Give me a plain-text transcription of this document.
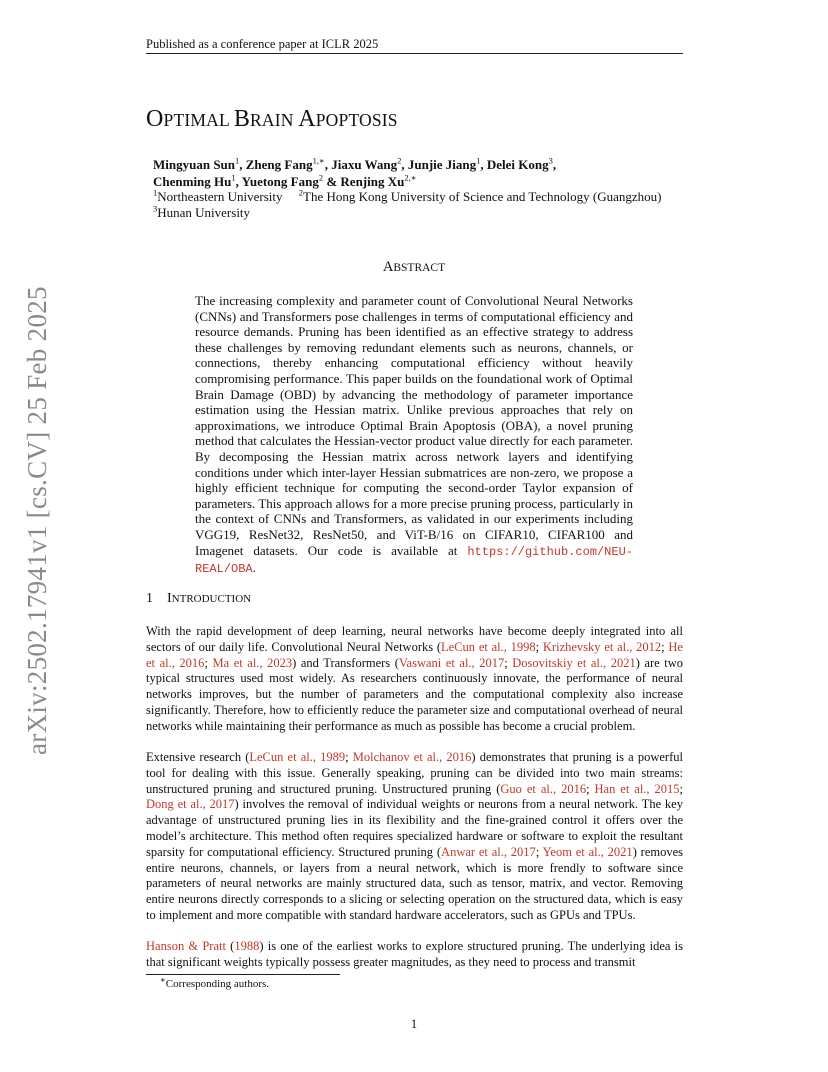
Published as a conference paper at ICLR 2025
arXiv:2502.17941v1 [cs.CV] 25 Feb 2025
OPTIMAL BRAIN APOPTOSIS
Mingyuan Sun$^1$, Zheng Fang$^{1,∗}$, Jiaxu Wang$^2$, Junjie Jiang$^1$, Delei Kong$^3$,
Chenming Hu$^1$, Yuetong Fang$^2$ & Renjing $Xu^{2,∗}$
$^1$Northeastern University $^2$The Hong Kong University of Science and Technology (Guangzhou)
$^3$Hunan University
ABSTRACT
The increasing complexity and parameter count of Convolutional Neural Networks (CNNs) and Transformers pose challenges in terms of computational efficiency and resource demands. Pruning has been identified as an effective strategy to address these challenges by removing redundant elements such as neurons, channels, or connections, thereby enhancing computational efficiency without heavily compromising performance. This paper builds on the foundational work of Optimal Brain Damage (OBD) by advancing the methodology of parameter importance estimation using the Hessian matrix. Unlike previous approaches that rely on approximations, we introduce Optimal Brain Apoptosis (OBA), a novel pruning method that calculates the Hessian-vector product value directly for each parameter. By decomposing the Hessian matrix across network layers and identifying conditions under which inter-layer Hessian submatrices are non-zero, we propose a highly efficient technique for computing the second-order Taylor expansion of parameters. This approach allows for a more precise pruning process, particularly in the context of CNNs and Transformers, as validated in our experiments including VGG19, ResNet32, ResNet50, and ViT-B/16 on CIFAR10, CIFAR100 and Imagenet datasets. Our code is available at https://github.com/NEU-REAL/OBA.
1 INTRODUCTION
With the rapid development of deep learning, neural networks have become deeply integrated into all sectors of our daily life. Convolutional Neural Networks (LeCun et al., 1998; Krizhevsky et al., 2012; He et al., 2016; Ma et al., 2023) and Transformers (Vaswani et al., 2017; Dosovitskiy et al., 2021) are two typical structures used most widely. As researchers continuously innovate, the performance of neural networks improves, but the number of parameters and the computational complexity also increase significantly. Therefore, how to efficiently reduce the parameter size and computational overhead of neural networks while maintaining their performance as much as possible has become a crucial problem.
Extensive research (LeCun et al., 1989; Molchanov et al., 2016) demonstrates that pruning is a powerful tool for dealing with this issue. Generally speaking, pruning can be divided into two main streams: unstructured pruning and structured pruning. Unstructured pruning (Guo et al., 2016; Han et al., 2015; Dong et al., 2017) involves the removal of individual weights or neurons from a neural network. The key advantage of unstructured pruning lies in its flexibility and the fine-grained control it offers over the model’s architecture. This method often requires specialized hardware or software to exploit the resultant sparsity for computational efficiency. Structured pruning (Anwar et al., 2017; Yeom et al., 2021) removes entire neurons, channels, or layers from a neural network, which is more frendly to software since parameters of neural networks are mainly structured data, such as tensor, matrix, and vector. Removing entire neurons directly corresponds to a slicing or selecting operation on the structured data, which is easy to implement and more compatible with standard hardware accelerators, such as GPUs and TPUs.
Hanson & Pratt (1988) is one of the earliest works to explore structured pruning. The underlying idea is that significant weights typically possess greater magnitudes, as they need to process and transmit
∗Corresponding authors.
1
